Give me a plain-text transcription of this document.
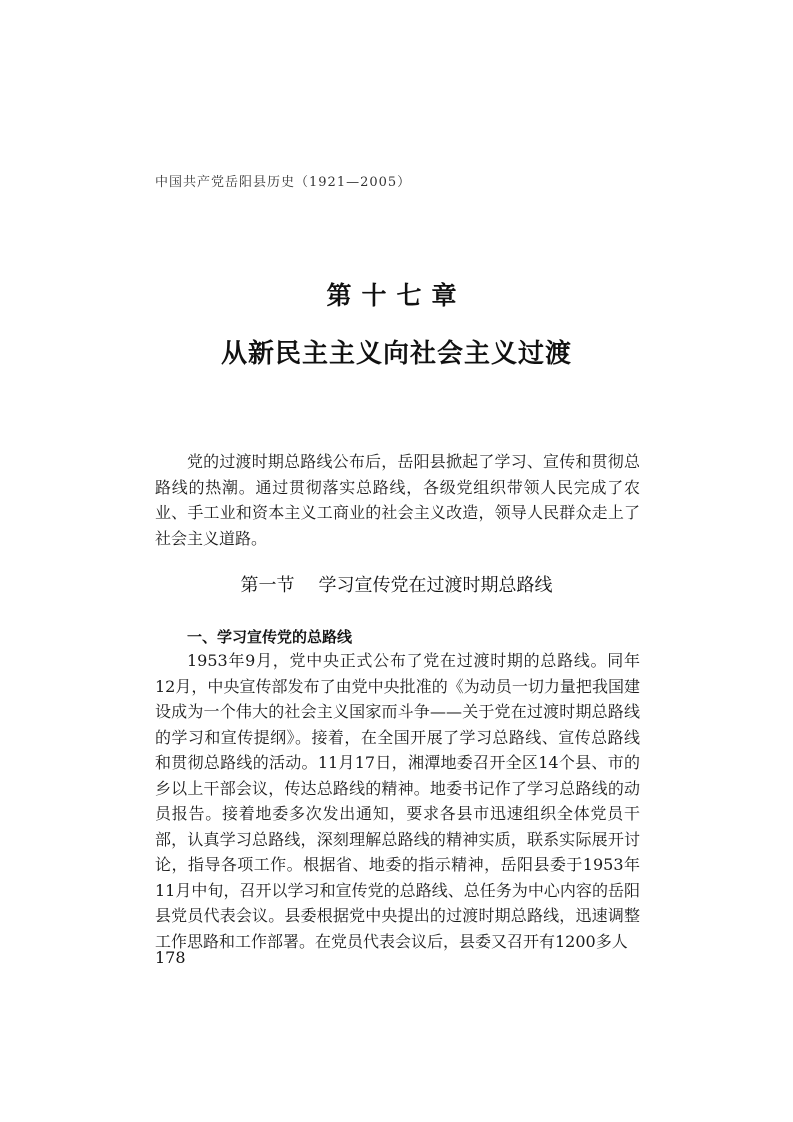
中国共产党岳阳县历史（1921—2005）
第十七章
从新民主主义向社会主义过渡

党的过渡时期总路线公布后，岳阳县掀起了学习、宣传和贯彻总路线的热潮。通过贯彻落实总路线，各级党组织带领人民完成了农业、手工业和资本主义工商业的社会主义改造，领导人民群众走上了社会主义道路。

第一节 学习宣传党在过渡时期总路线
一、学习宣传党的总路线

1953年9月，党中央正式公布了党在过渡时期的总路线。同年12月，中央宣传部发布了由党中央批准的《为动员一切力量把我国建设成为一个伟大的社会主义国家而斗争——关于党在过渡时期总路线的学习和宣传提纲》。接着，在全国开展了学习总路线、宣传总路线和贯彻总路线的活动。11月17日，湘潭地委召开全区14个县、市的乡以上干部会议，传达总路线的精神。地委书记作了学习总路线的动员报告。接着地委多次发出通知，要求各县市迅速组织全体党员干部，认真学习总路线，深刻理解总路线的精神实质，联系实际展开讨论，指导各项工作。根据省、地委的指示精神，岳阳县委于1953年11月中旬，召开以学习和宣传党的总路线、总任务为中心内容的岳阳县党员代表会议。县委根据党中央提出的过渡时期总路线，迅速调整工作思路和工作部署。在党员代表会议后，县委又召开有1200多人

178
